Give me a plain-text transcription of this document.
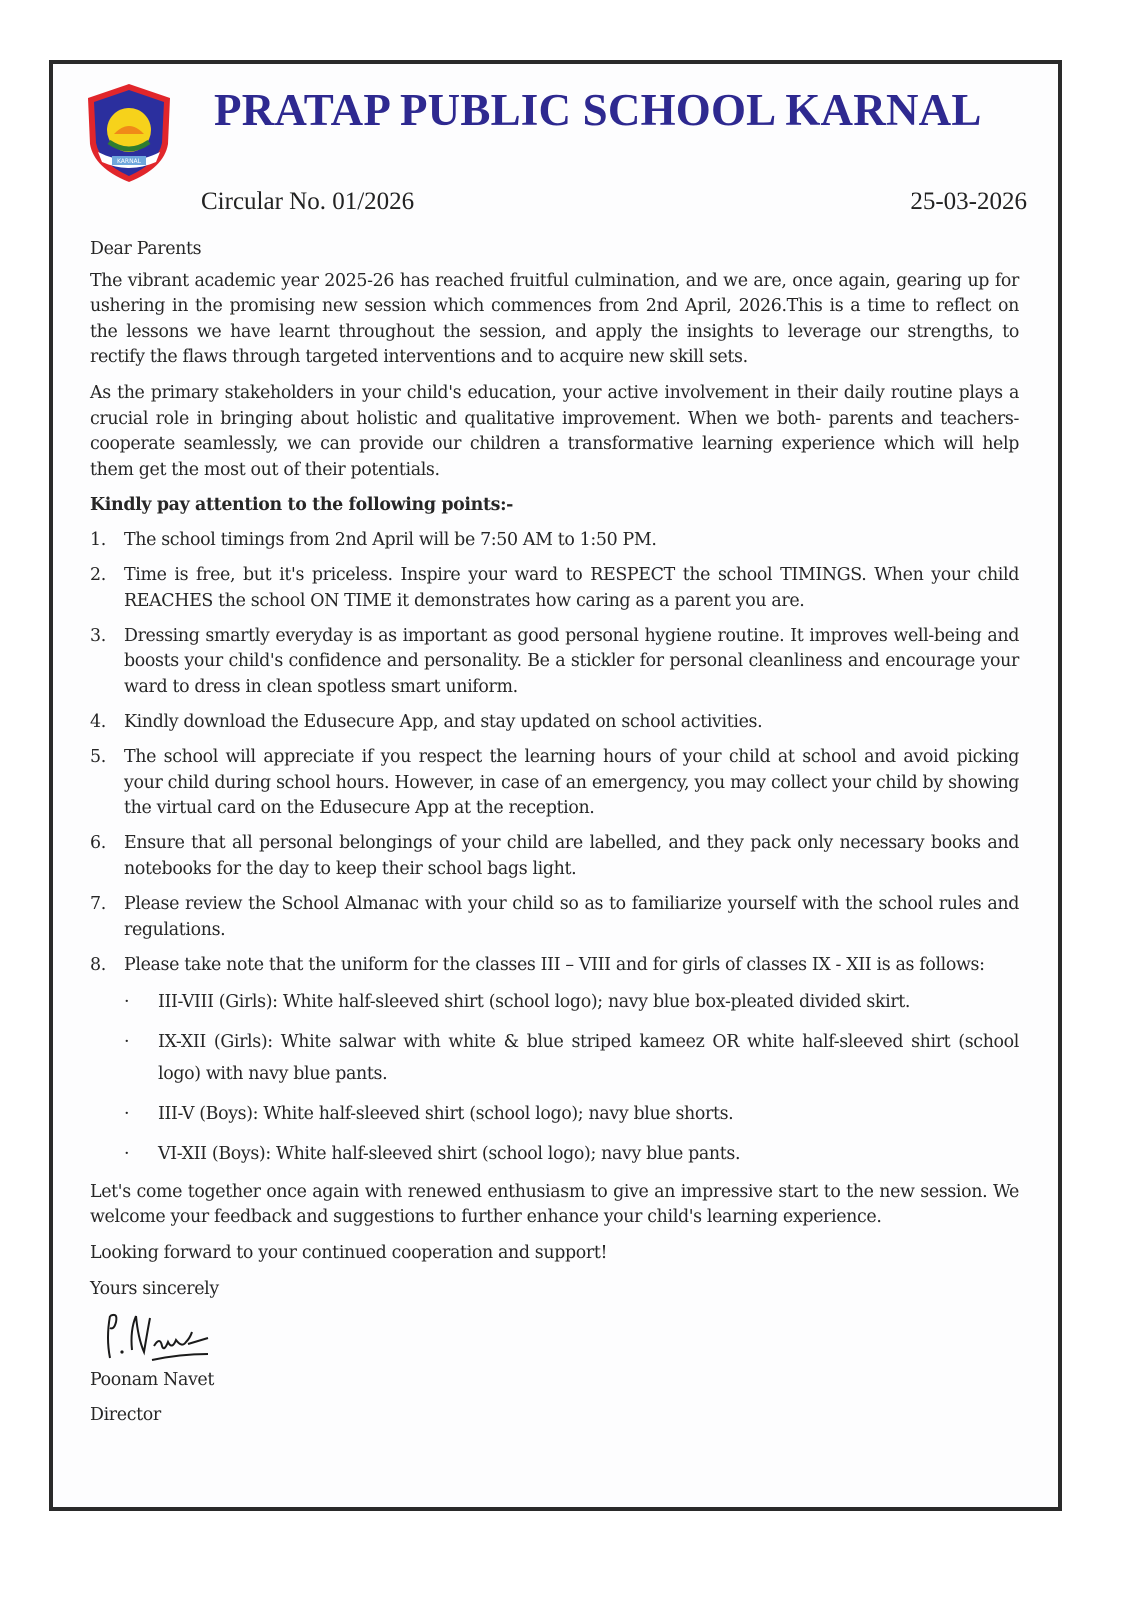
KARNAL
PRATAP PUBLIC SCHOOL KARNAL
Circular No. 01/2026	25-03-2026

Dear Parents

The vibrant academic year 2025-26 has reached fruitful culmination, and we are, once again, gearing up for ushering in the promising new session which commences from 2nd April, 2026.This is a time to reflect on the lessons we have learnt throughout the session, and apply the insights to leverage our strengths, to rectify the flaws through targeted interventions and to acquire new skill sets.

As the primary stakeholders in your child's education, your active involvement in their daily routine plays a crucial role in bringing about holistic and qualitative improvement. When we both- parents and teachers-cooperate seamlessly, we can provide our children a transformative learning experience which will help them get the most out of their potentials.

Kindly pay attention to the following points:-

1. The school timings from 2nd April will be 7:50 AM to 1:50 PM.
2. Time is free, but it's priceless. Inspire your ward to RESPECT the school TIMINGS. When your child REACHES the school ON TIME it demonstrates how caring as a parent you are.
3. Dressing smartly everyday is as important as good personal hygiene routine. It improves well-being and boosts your child's confidence and personality. Be a stickler for personal cleanliness and encourage your ward to dress in clean spotless smart uniform.
4. Kindly download the Edusecure App, and stay updated on school activities.
5. The school will appreciate if you respect the learning hours of your child at school and avoid picking your child during school hours. However, in case of an emergency, you may collect your child by showing the virtual card on the Edusecure App at the reception.
6. Ensure that all personal belongings of your child are labelled, and they pack only necessary books and notebooks for the day to keep their school bags light.
7. Please review the School Almanac with your child so as to familiarize yourself with the school rules and regulations.
8. Please take note that the uniform for the classes III – VIII and for girls of classes IX - XII is as follows:
· III-VIII (Girls): White half-sleeved shirt (school logo); navy blue box-pleated divided skirt.
· IX-XII (Girls): White salwar with white & blue striped kameez OR white half-sleeved shirt (school logo) with navy blue pants.
· III-V (Boys): White half-sleeved shirt (school logo); navy blue shorts.
· VI-XII (Boys): White half-sleeved shirt (school logo); navy blue pants.

Let's come together once again with renewed enthusiasm to give an impressive start to the new session. We welcome your feedback and suggestions to further enhance your child's learning experience.

Looking forward to your continued cooperation and support!

Yours sincerely

Poonam Navet

Director
